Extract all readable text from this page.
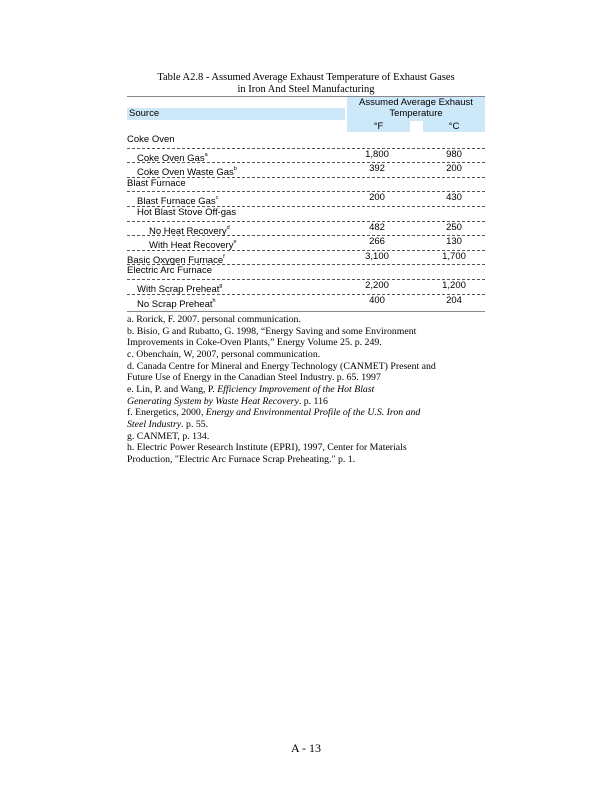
Table A2.8 - Assumed Average Exhaust Temperature of Exhaust Gases
in Iron And Steel Manufacturing
Source
Assumed Average Exhaust
Temperature
°F	°C
Coke Oven
Coke Oven Gas$^a$	1,800	980
Coke Oven Waste Gas$^b$	392	200
Blast Furnace
Blast Furnace Gas$^c$	200	430
Hot Blast Stove Off-gas
No Heat Recovery$^d$	482	250
With Heat Recovery$^e$	266	130
Basic Oxygen Furnace$^f$	3,100	1,700
Electric Arc Furnace
With Scrap Preheat$^g$	2,200	1,200
No Scrap Preheat$^h$	400	204
a. Rorick, F. 2007. personal communication.
b. Bisio, G and Rubatto, G. 1998, “Energy Saving and some Environment
Improvements in Coke-Oven Plants,” Energy Volume 25. p. 249.
c. Obenchain, W, 2007, personal communication.
d. Canada Centre for Mineral and Energy Technology (CANMET) Present and
Future Use of Energy in the Canadian Steel Industry. p. 65. 1997
e. Lin, P. and Wang, P. Efficiency Improvement of the Hot Blast
Generating System by Waste Heat Recovery. p. 116
f. Energetics, 2000, Energy and Environmental Profile of the U.S. Iron and
Steel Industry. p. 55.
g. CANMET, p. 134.
h. Electric Power Research Institute (EPRI), 1997, Center for Materials
Production, "Electric Arc Furnace Scrap Preheating." p. 1.
A - 13
